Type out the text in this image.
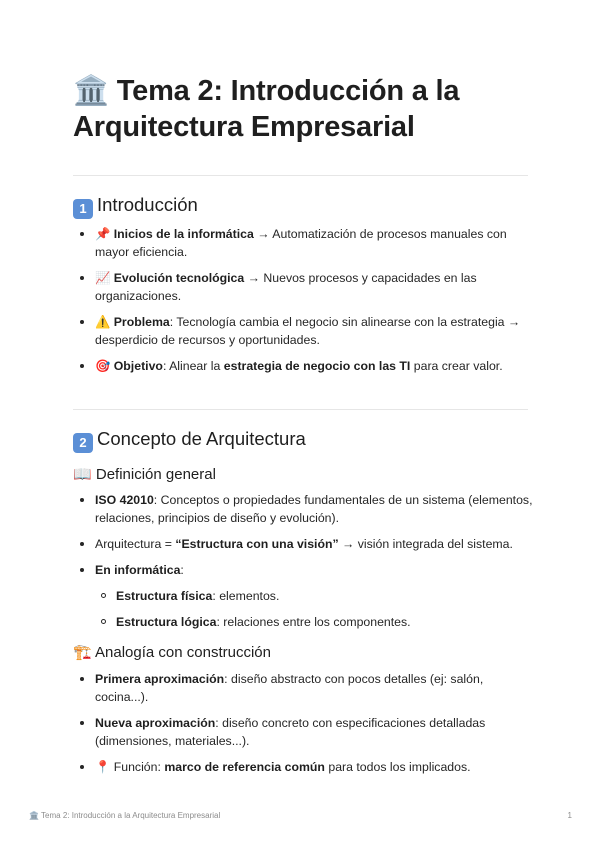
🏛️ Tema 2: Introducción a la Arquitectura Empresarial
1 Introducción
📌 Inicios de la informática → Automatización de procesos manuales con mayor eficiencia.
📈 Evolución tecnológica → Nuevos procesos y capacidades en las organizaciones.
⚠️ Problema: Tecnología cambia el negocio sin alinearse con la estrategia → desperdicio de recursos y oportunidades.
🎯 Objetivo: Alinear la estrategia de negocio con las TI para crear valor.
2 Concepto de Arquitectura
📖 Definición general
ISO 42010: Conceptos o propiedades fundamentales de un sistema (elementos, relaciones, principios de diseño y evolución).
Arquitectura = “Estructura con una visión” → visión integrada del sistema.
En informática:
Estructura física: elementos.
Estructura lógica: relaciones entre los componentes.
🏗️ Analogía con construcción
Primera aproximación: diseño abstracto con pocos detalles (ej: salón, cocina...).
Nueva aproximación: diseño concreto con especificaciones detalladas (dimensiones, materiales...).
📍 Función: marco de referencia común para todos los implicados.
🏛️ Tema 2: Introducción a la Arquitectura Empresarial	1
